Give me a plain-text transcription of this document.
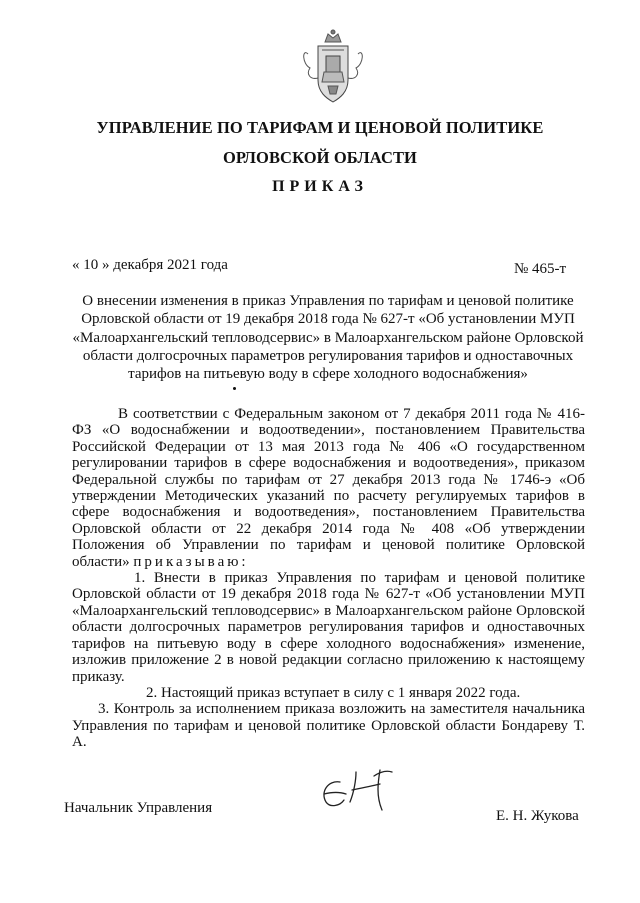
УПРАВЛЕНИЕ ПО ТАРИФАМ И ЦЕНОВОЙ ПОЛИТИКЕ
ОРЛОВСКОЙ ОБЛАСТИ
ПРИКАЗ
« 10 » декабря 2021 года	№ 465-т
О внесении изменения в приказ Управления по тарифам и ценовой политике Орловской области от 19 декабря 2018 года № 627-т «Об установлении МУП «Малоархангельский тепловодсервис» в Малоархангельском районе Орловской области долгосрочных параметров регулирования тарифов и одноставочных тарифов на питьевую воду в сфере холодного водоснабжения»

В соответствии с Федеральным законом от 7 декабря 2011 года № 416-ФЗ «О водоснабжении и водоотведении», постановлением Правительства Российской Федерации от 13 мая 2013 года № 406 «О государственном регулировании тарифов в сфере водоснабжения и водоотведения», приказом Федеральной службы по тарифам от 27 декабря 2013 года № 1746-э «Об утверждении Методических указаний по расчету регулируемых тарифов в сфере водоснабжения и водоотведения», постановлением Правительства Орловской области от 22 декабря 2014 года № 408 «Об утверждении Положения об Управлении по тарифам и ценовой политике Орловской области» приказываю:

1. Внести в приказ Управления по тарифам и ценовой политике Орловской области от 19 декабря 2018 года № 627-т «Об установлении МУП «Малоархангельский тепловодсервис» в Малоархангельском районе Орловской области долгосрочных параметров регулирования тарифов и одноставочных тарифов на питьевую воду в сфере холодного водоснабжения» изменение, изложив приложение 2 в новой редакции согласно приложению к настоящему приказу.

2. Настоящий приказ вступает в силу с 1 января 2022 года.

3. Контроль за исполнением приказа возложить на заместителя начальника Управления по тарифам и ценовой политике Орловской области Бондареву Т. А.

Начальник Управления	Е. Н. Жукова
